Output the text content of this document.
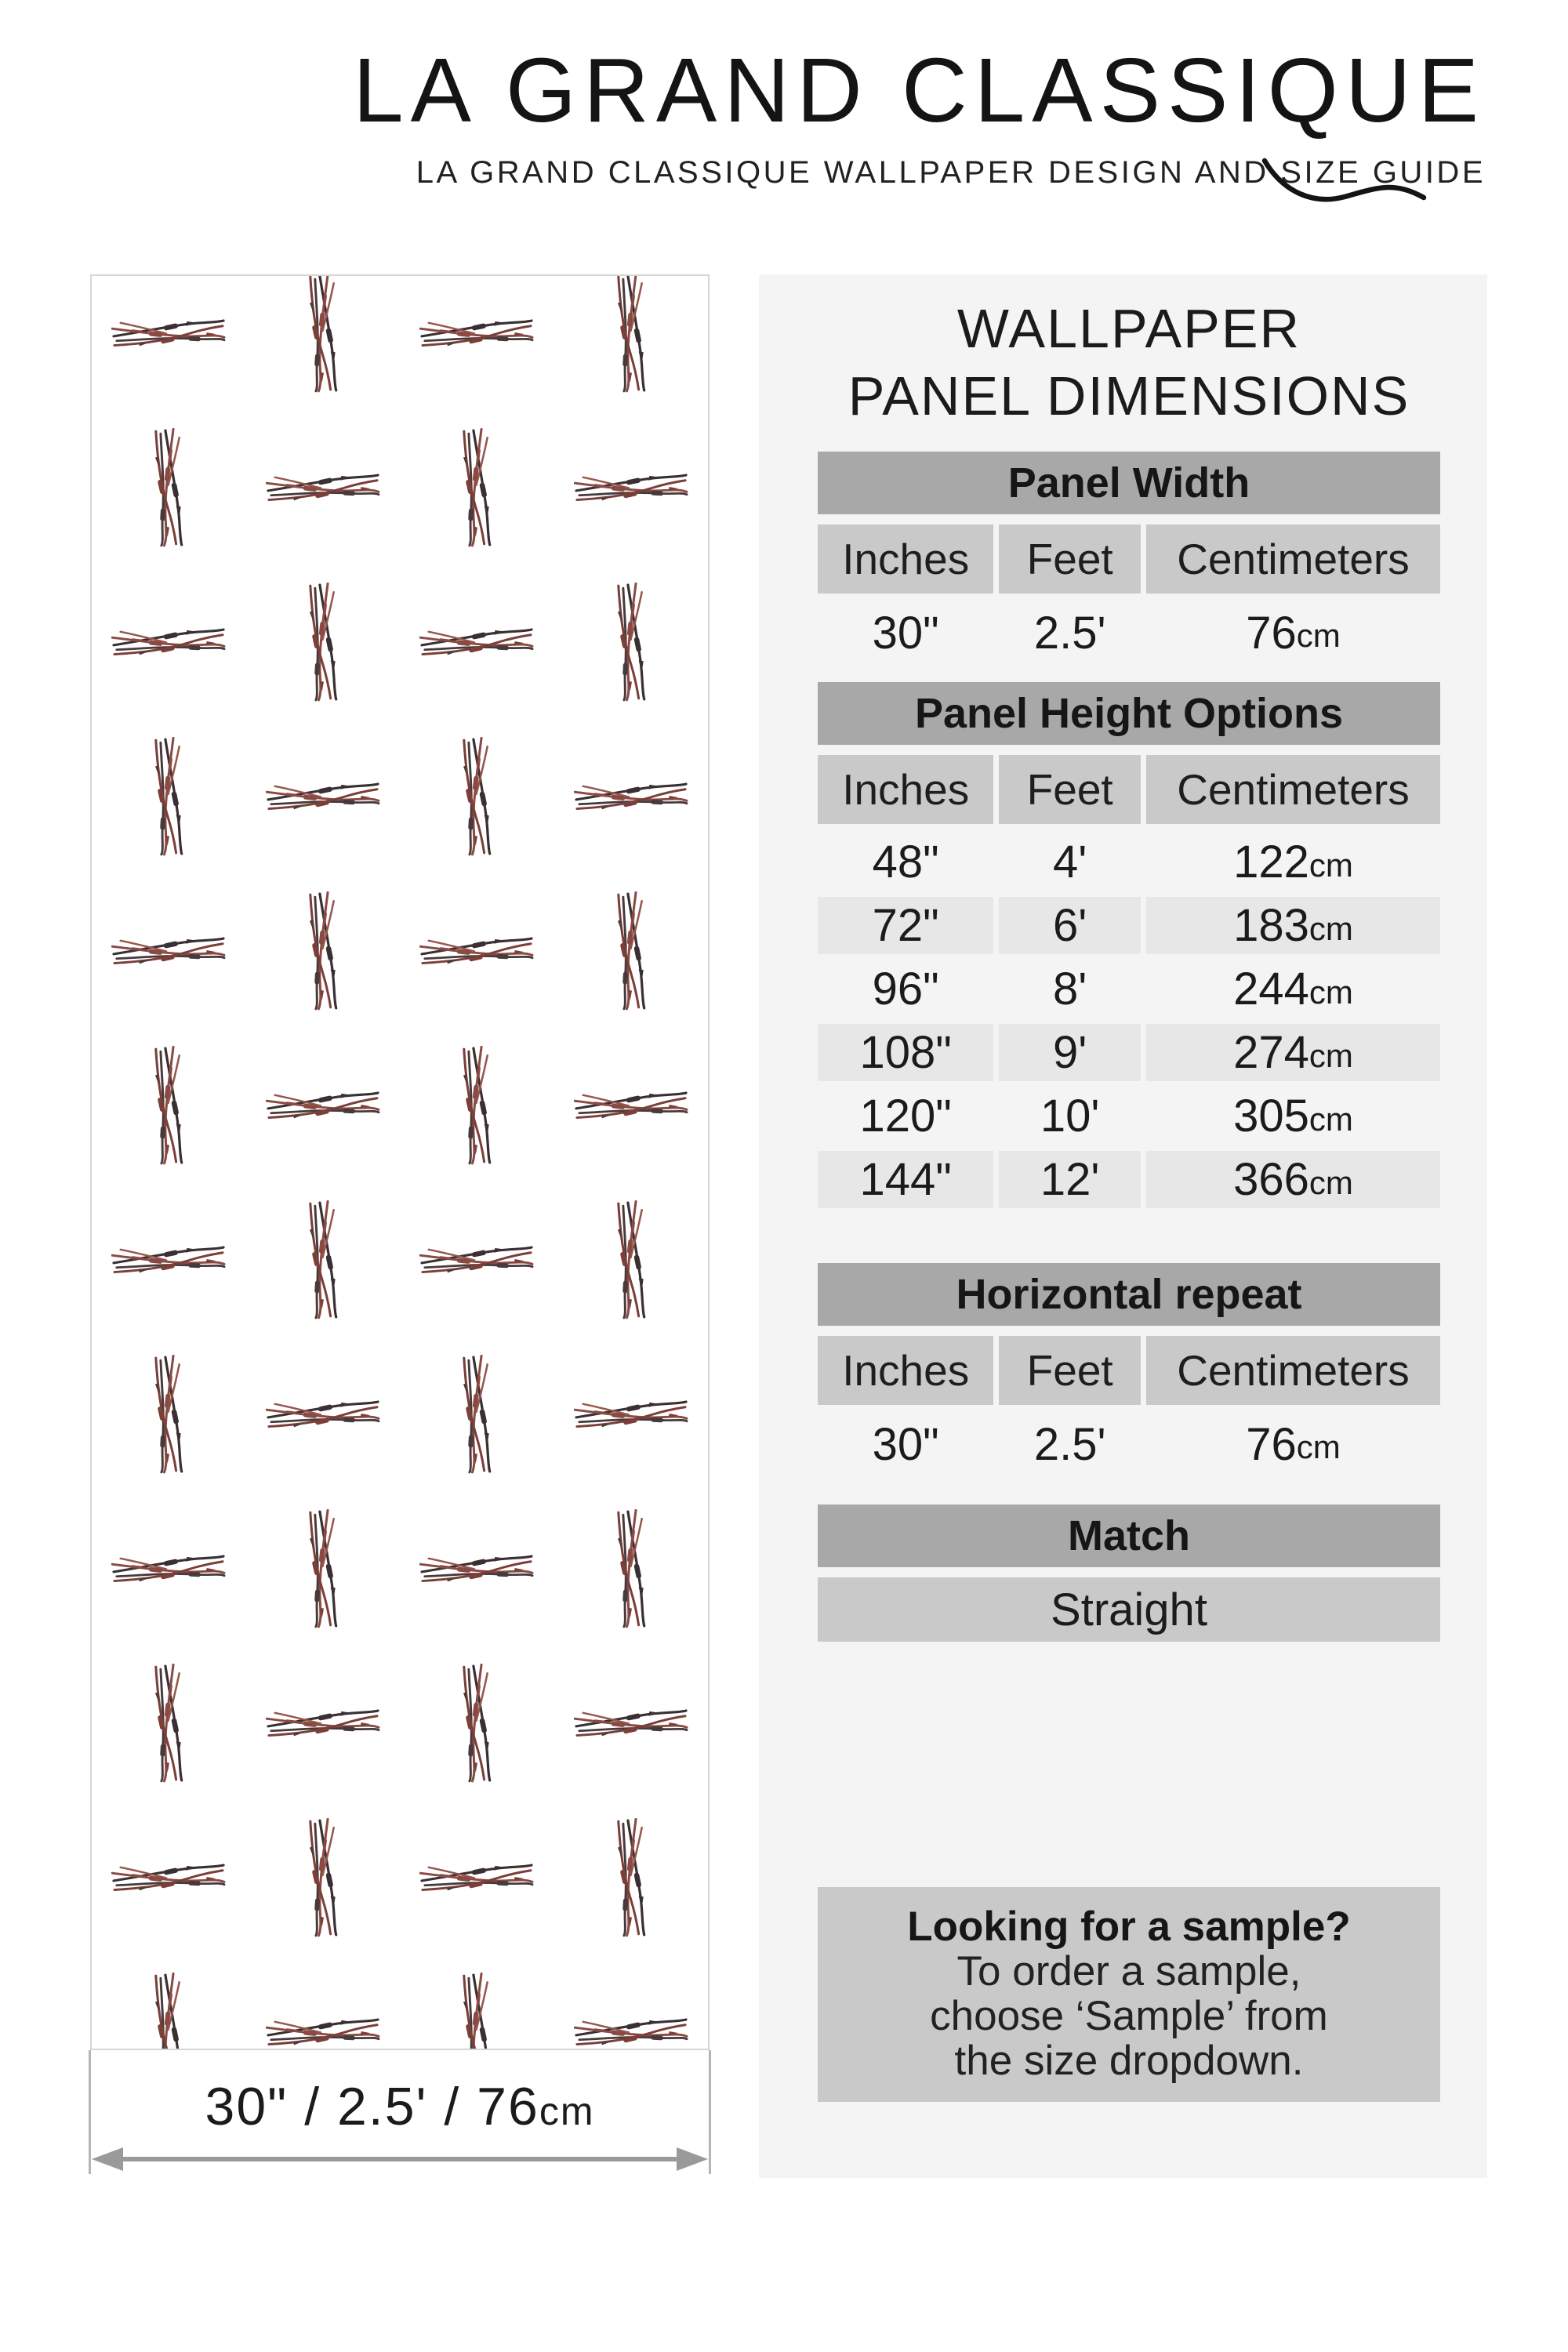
LA GRAND CLASSIQUE
LA GRAND CLASSIQUE WALLPAPER DESIGN AND SIZE GUIDE
30" / 2.5' / 76cm
WALLPAPER
PANEL DIMENSIONS
Panel Width
Inches	Feet	Centimeters
30"	2.5'	76 cm
Panel Height Options
Inches	Feet	Centimeters
48"	4'	122 cm
72"	6'	183 cm
96"	8'	244 cm
108"	9'	274 cm
120"	10'	305 cm
144"	12'	366 cm
Horizontal repeat
Inches	Feet	Centimeters
30"	2.5'	76 cm
Match
Straight
Looking for a sample?
To order a sample,
choose ‘Sample’ from
the size dropdown.
